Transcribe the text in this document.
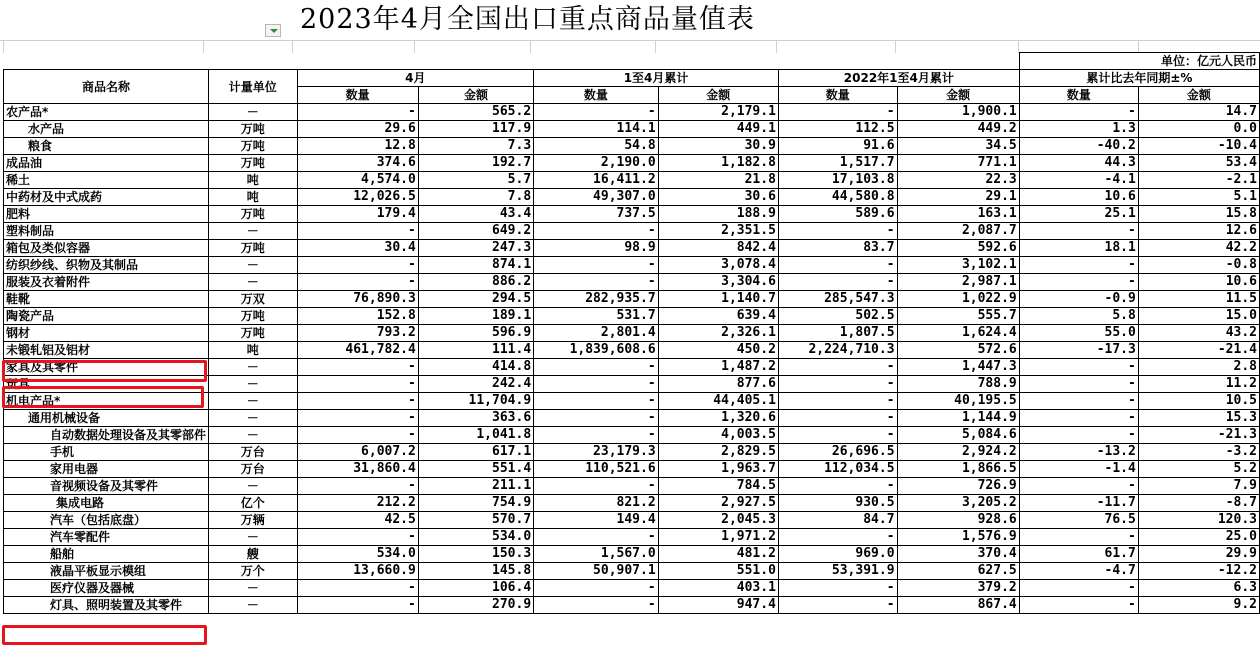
2023年4月全国出口重点商品量值表
								单位：亿元人民币	
商品名称	计量单位	4月		1至4月累计		2022年1至4月累计		累计比去年同期±%	
		数量	金额	数量	金额	数量	金额	数量	金额
农产品*	－	-	565.2	-	2,179.1	-	1,900.1	-	14.7
水产品	万吨	29.6	117.9	114.1	449.1	112.5	449.2	1.3	0.0
粮食	万吨	12.8	7.3	54.8	30.9	91.6	34.5	-40.2	-10.4
成品油	万吨	374.6	192.7	2,190.0	1,182.8	1,517.7	771.1	44.3	53.4
稀土	吨	4,574.0	5.7	16,411.2	21.8	17,103.8	22.3	-4.1	-2.1
中药材及中式成药	吨	12,026.5	7.8	49,307.0	30.6	44,580.8	29.1	10.6	5.1
肥料	万吨	179.4	43.4	737.5	188.9	589.6	163.1	25.1	15.8
塑料制品	－	-	649.2	-	2,351.5	-	2,087.7	-	12.6
箱包及类似容器	万吨	30.4	247.3	98.9	842.4	83.7	592.6	18.1	42.2
纺织纱线、织物及其制品	－	-	874.1	-	3,078.4	-	3,102.1	-	-0.8
服装及衣着附件	－	-	886.2	-	3,304.6	-	2,987.1	-	10.6
鞋靴	万双	76,890.3	294.5	282,935.7	1,140.7	285,547.3	1,022.9	-0.9	11.5
陶瓷产品	万吨	152.8	189.1	531.7	639.4	502.5	555.7	5.8	15.0
钢材	万吨	793.2	596.9	2,801.4	2,326.1	1,807.5	1,624.4	55.0	43.2
未锻轧铝及铝材	吨	461,782.4	111.4	1,839,608.6	450.2	2,224,710.3	572.6	-17.3	-21.4
家具及其零件	－	-	414.8	-	1,487.2	-	1,447.3	-	2.8
玩具	－	-	242.4	-	877.6	-	788.9	-	11.2
机电产品*	－	-	11,704.9	-	44,405.1	-	40,195.5	-	10.5
通用机械设备	－	-	363.6	-	1,320.6	-	1,144.9	-	15.3
自动数据处理设备及其零部件	－	-	1,041.8	-	4,003.5	-	5,084.6	-	-21.3
手机	万台	6,007.2	617.1	23,179.3	2,829.5	26,696.5	2,924.2	-13.2	-3.2
家用电器	万台	31,860.4	551.4	110,521.6	1,963.7	112,034.5	1,866.5	-1.4	5.2
音视频设备及其零件	－	-	211.1	-	784.5	-	726.9	-	7.9
集成电路	亿个	212.2	754.9	821.2	2,927.5	930.5	3,205.2	-11.7	-8.7
汽车（包括底盘）	万辆	42.5	570.7	149.4	2,045.3	84.7	928.6	76.5	120.3
汽车零配件	－	-	534.0	-	1,971.2	-	1,576.9	-	25.0
船舶	艘	534.0	150.3	1,567.0	481.2	969.0	370.4	61.7	29.9
液晶平板显示模组	万个	13,660.9	145.8	50,907.1	551.0	53,391.9	627.5	-4.7	-12.2
医疗仪器及器械	－	-	106.4	-	403.1	-	379.2	-	6.3
灯具、照明装置及其零件	－	-	270.9	-	947.4	-	867.4	-	9.2
